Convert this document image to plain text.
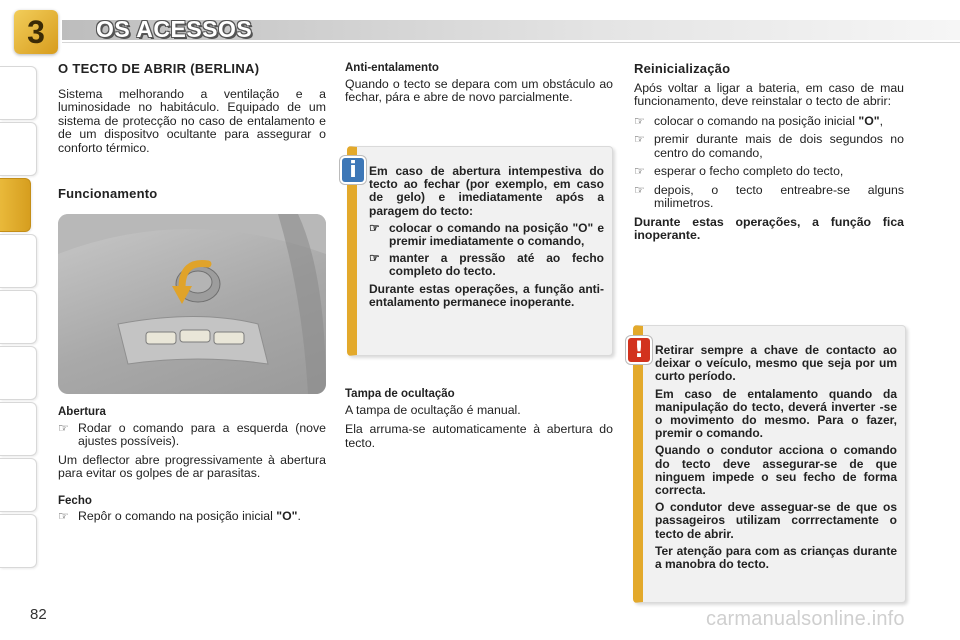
3	OS ACESSOS
O TECTO DE ABRIR (BERLINA)

Sistema melhorando a ventilação e a luminosidade no habitáculo. Equipado de um sistema de protecção no caso de entalamento e de um dispositvo ocultante para assegurar o conforto térmico.

Funcionamento
Abertura
☞ Rodar o comando para a esquerda (nove ajustes possíveis).

Um deflector abre progressivamente à abertura para evitar os golpes de ar parasitas.

Fecho
☞ Repôr o comando na posição inicial "O".
Anti-entalamento

Quando o tecto se depara com um obstáculo ao fechar, pára e abre de novo parcialmente.

Em caso de abertura intempestiva do tecto ao fechar (por exemplo, em caso de gelo) e imediatamente após a paragem do tecto:

☞ colocar o comando na posição "O" e premir imediatamente o comando,
☞ manter a pressão até ao fecho completo do tecto.

Durante estas operações, a função anti-entalamento permanece inoperante.

i
Tampa de ocultação

A tampa de ocultação é manual.

Ela arruma-se automaticamente à abertura do tecto.

Reinicialização

Após voltar a ligar a bateria, em caso de mau funcionamento, deve reinstalar o tecto de abrir:

☞ colocar o comando na posição inicial "O",
☞ premir durante mais de dois segundos no centro do comando,
☞ esperar o fecho completo do tecto,
☞ depois, o tecto entreabre-se alguns milimetros.

Durante estas operações, a função fica inoperante.

Retirar sempre a chave de contacto ao deixar o veículo, mesmo que seja por um curto período.

Em caso de entalamento quando da manipulação do tecto, deverá inverter -se o movimento do mesmo. Para o fazer, premir o comando.

Quando o condutor acciona o comando do tecto deve assegurar-se de que ninguem impede o seu fecho de forma correcta.

O condutor deve asseguar-se de que os passageiros utilizam corrrectamente o tecto de abrir.

Ter atenção para com as crianças durante a manobra do tecto.

!
82	carmanualsonline.info
